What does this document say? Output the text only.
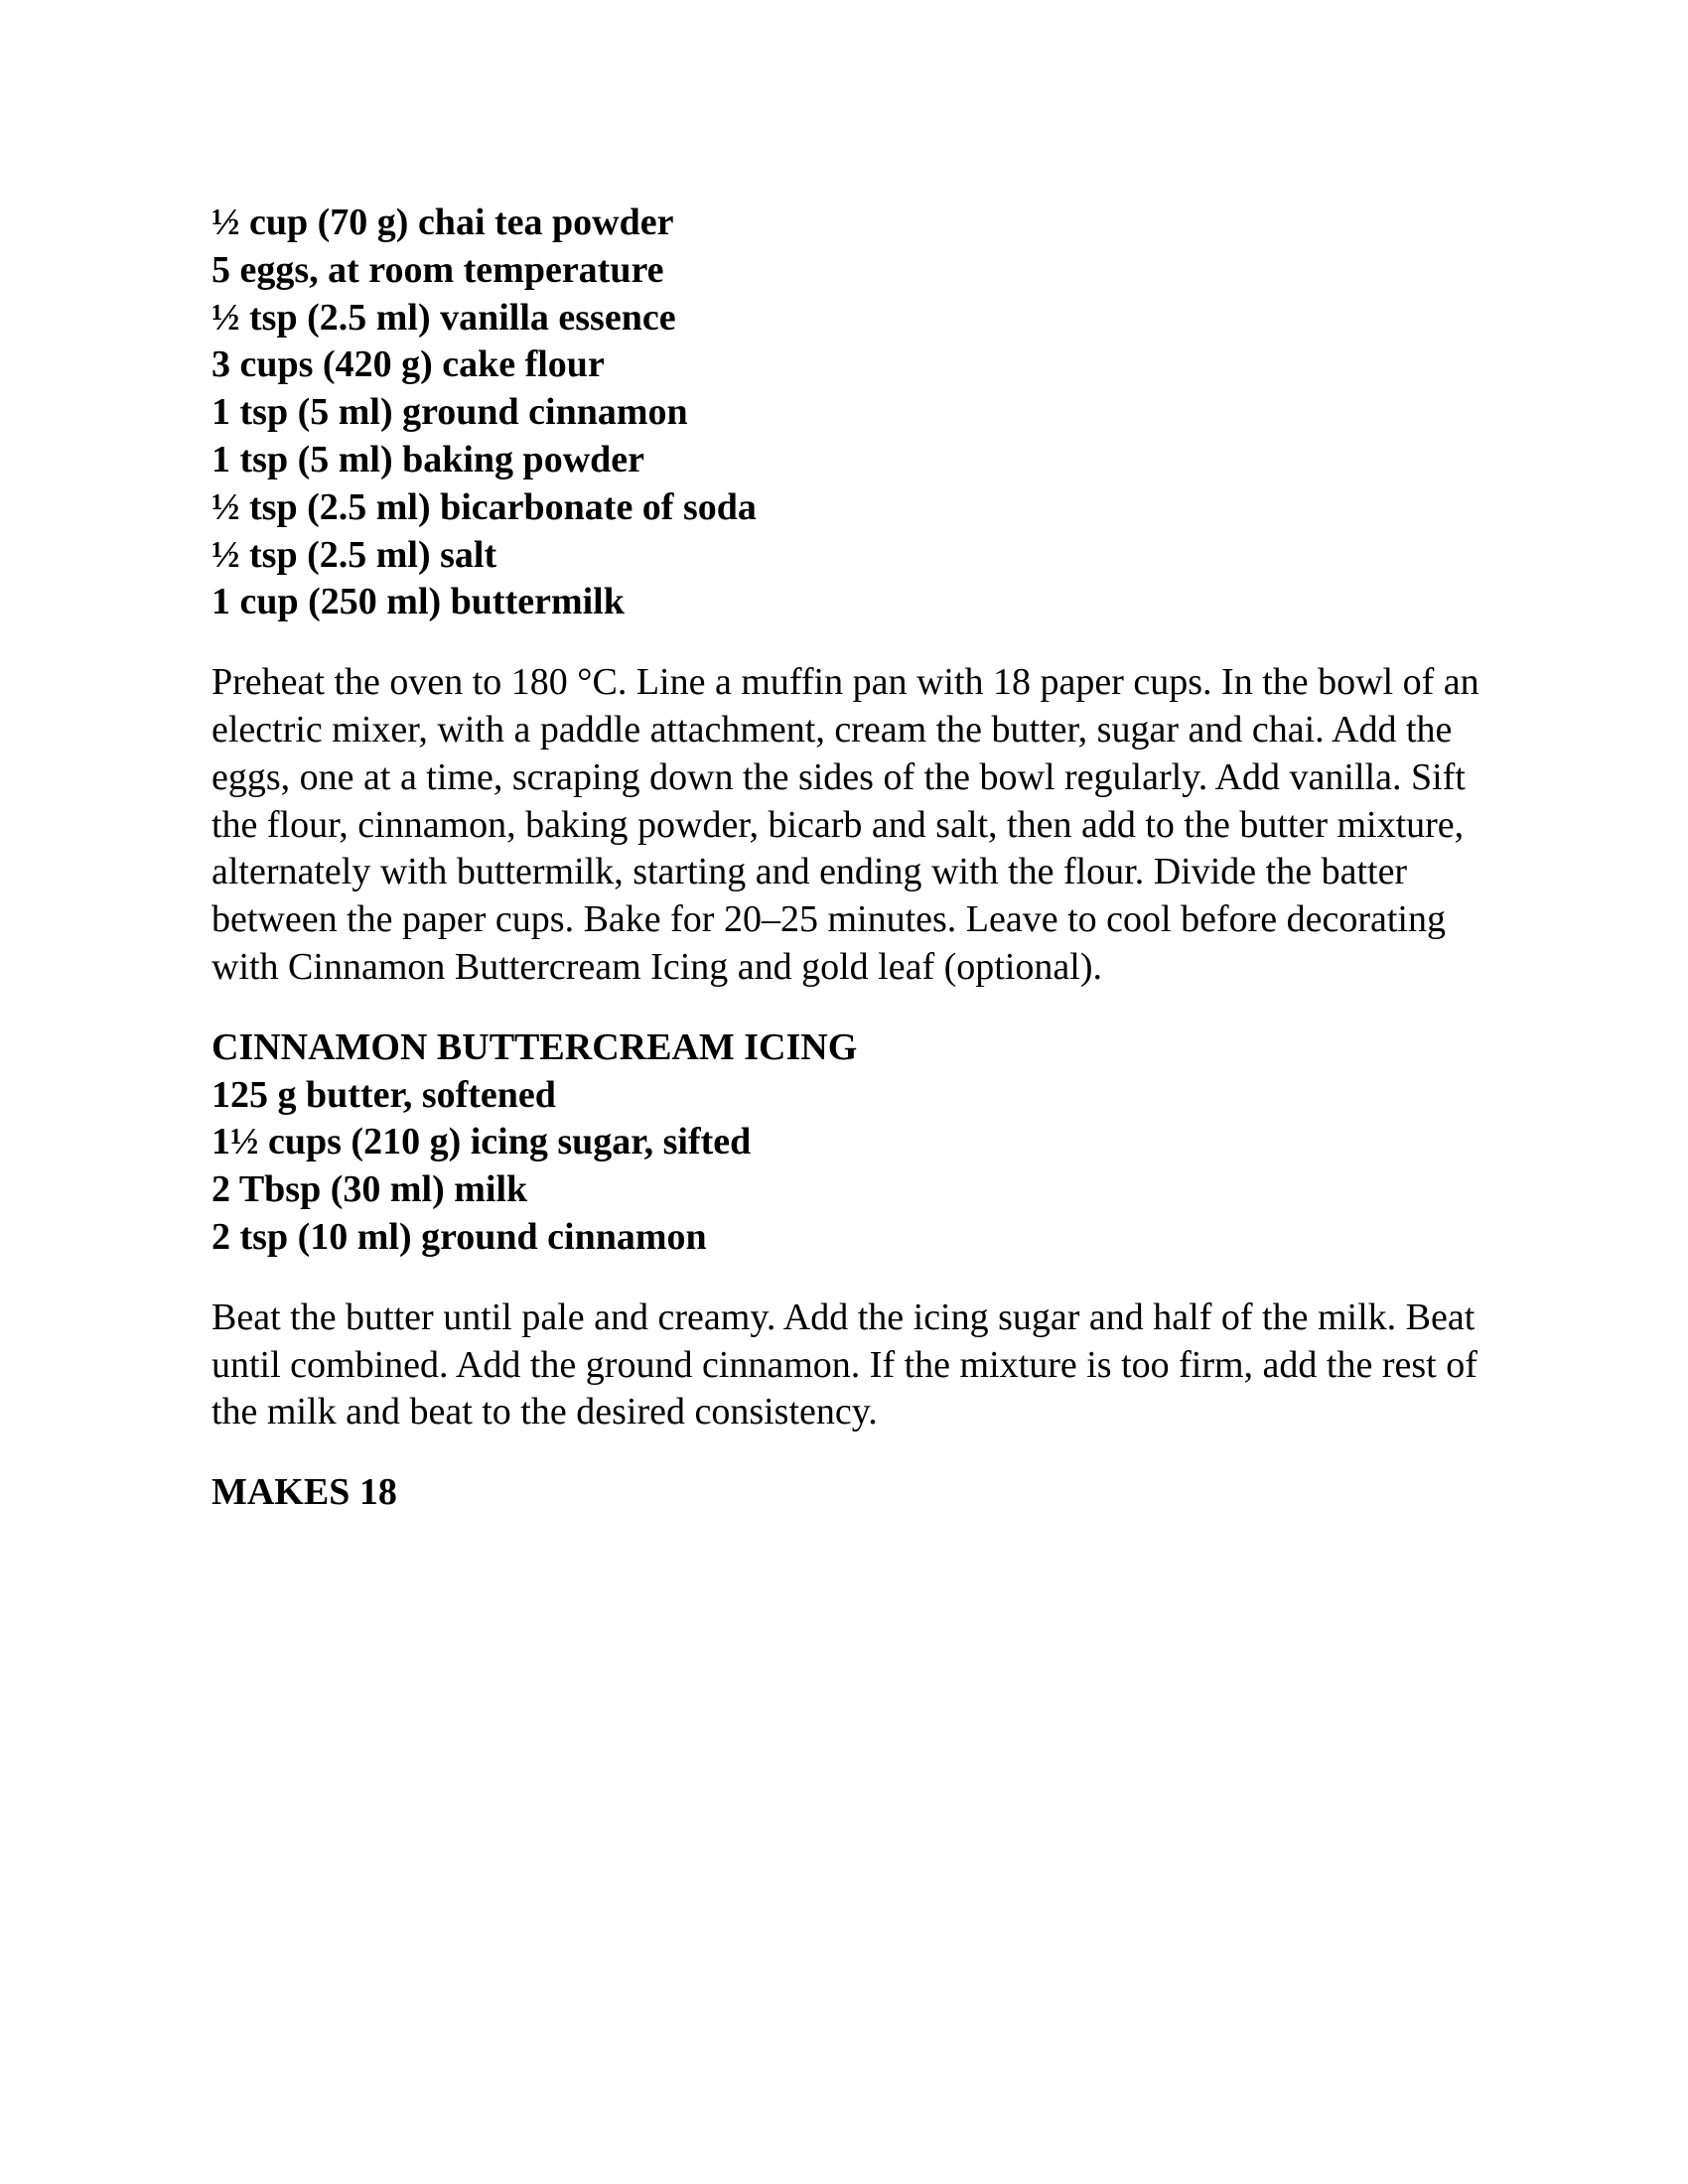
½ cup (70 g) chai tea powder
5 eggs, at room temperature
½ tsp (2.5 ml) vanilla essence
3 cups (420 g) cake flour
1 tsp (5 ml) ground cinnamon
1 tsp (5 ml) baking powder
½ tsp (2.5 ml) bicarbonate of soda
½ tsp (2.5 ml) salt
1 cup (250 ml) buttermilk

Preheat the oven to 180 °C. Line a muffin pan with 18 paper cups. In the bowl of an electric mixer, with a paddle attachment, cream the butter, sugar and chai. Add the eggs, one at a time, scraping down the sides of the bowl regularly. Add vanilla. Sift the flour, cinnamon, baking powder, bicarb and salt, then add to the butter mixture, alternately with buttermilk, starting and ending with the flour. Divide the batter between the paper cups. Bake for 20–25 minutes. Leave to cool before decorating with Cinnamon Buttercream Icing and gold leaf (optional).

CINNAMON BUTTERCREAM ICING
125 g butter, softened
1½ cups (210 g) icing sugar, sifted
2 Tbsp (30 ml) milk
2 tsp (10 ml) ground cinnamon

Beat the butter until pale and creamy. Add the icing sugar and half of the milk. Beat until combined. Add the ground cinnamon. If the mixture is too firm, add the rest of the milk and beat to the desired consistency.

MAKES 18
